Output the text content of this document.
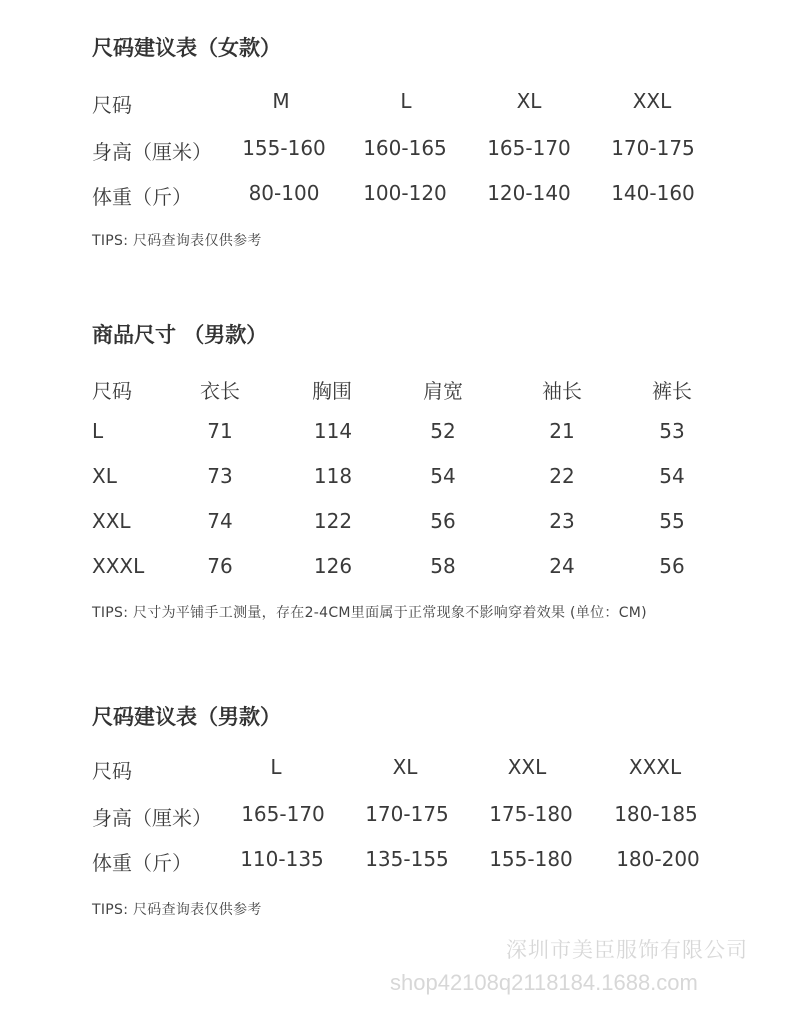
尺码建议表（女款）
尺码	M	L	XL	XXL
身高（厘米） 155-160 160-165 165-170 170-175
体重（斤）	80-100 100-120 120-140 140-160
TIPS: 尺码查询表仅供参考
商品尺寸 （男款）
尺码	衣长	胸围	肩宽	袖长	裤长
L	71	114	52	21	53
XL	73	118	54	22	54
XXL	74	122	56	23	55
XXXL	76	126	58	24	56
TIPS: 尺寸为平铺手工测量，存在2-4CM里面属于正常现象不影响穿着效果 (单位：CM)
尺码建议表（男款）
尺码	L	XL	XXL	XXXL
身高（厘米） 165-170 170-175 175-180 180-185
体重（斤） 110-135 135-155 155-180 180-200
TIPS: 尺码查询表仅供参考
深圳市美臣服饰有限公司
shop42108q2118184.1688.com
